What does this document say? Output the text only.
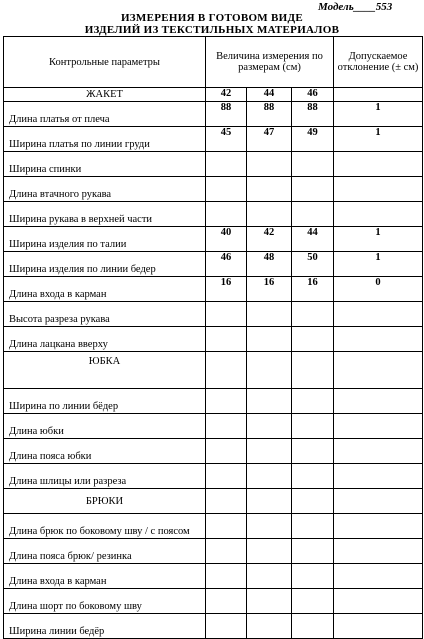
Модель____553
ИЗМЕРЕНИЯ В ГОТОВОМ ВИДЕ
ИЗДЕЛИЙ ИЗ ТЕКСТИЛЬНЫХ МАТЕРИАЛОВ
Контрольные параметры	Величина измерения по размерам (см)			Допускаемое отклонение (± см)
ЖАКЕТ	42	44	46	
Длина платья от плеча	88	88	88	1
Ширина платья по линии груди	45	47	49	1
Ширина спинки				
Длина втачного рукава				
Ширина рукава в верхней части				
Ширина изделия по талии	40	42	44	1
Ширина изделия по линии бедер	46	48	50	1
Длина входа в карман	16	16	16	0
Высота разреза рукава				
Длина лацкана вверху				
ЮБКА				
Ширина по линии бёдер				
Длина юбки				
Длина пояса юбки				
Длина шлицы или разреза				
БРЮКИ				
Длина брюк по боковому шву / с поясом				
Длина пояса брюк/ резинка				
Длина входа в карман				
Длина шорт по боковому шву				
Ширина линии бедёр				
